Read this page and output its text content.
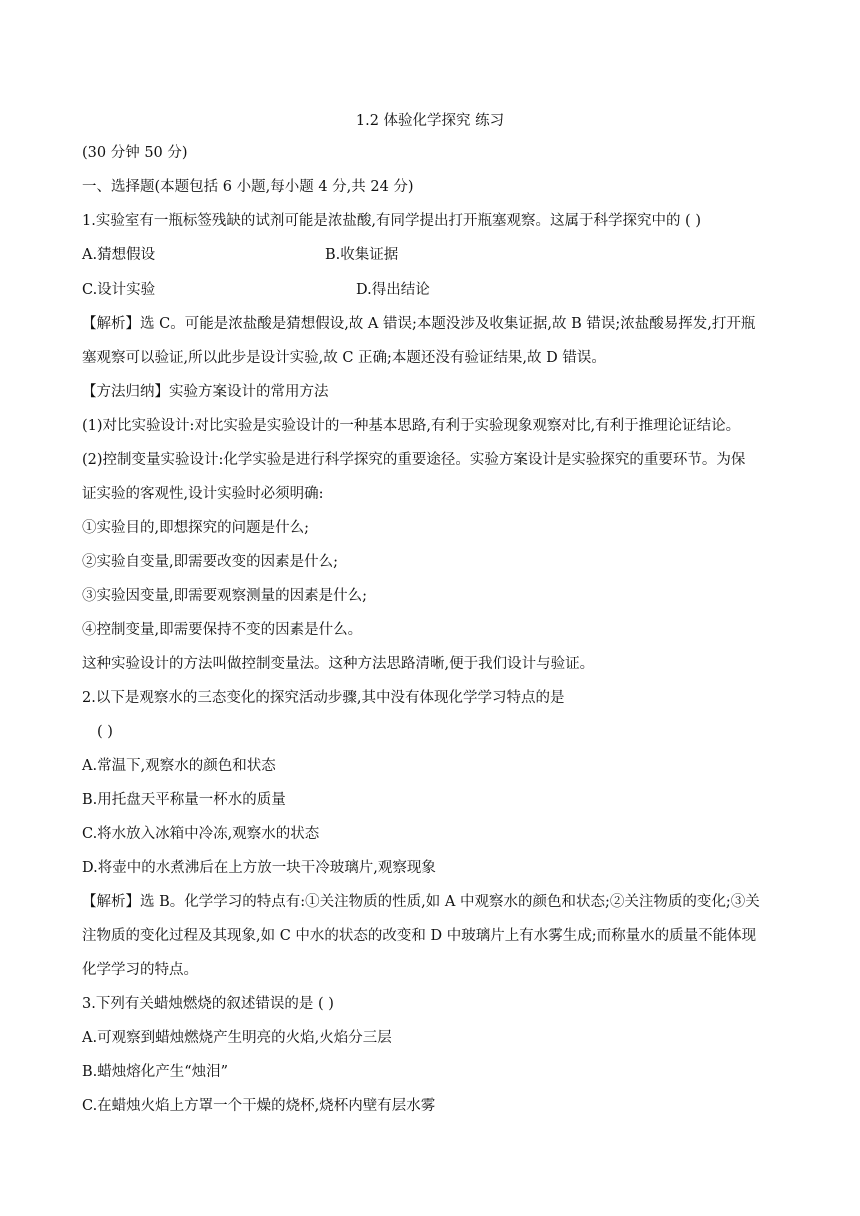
1.2 体验化学探究 练习
(30 分钟 50 分)
一、选择题(本题包括 6 小题,每小题 4 分,共 24 分)
1.实验室有一瓶标签残缺的试剂可能是浓盐酸,有同学提出打开瓶塞观察。这属于科学探究中的 ( )
A.猜想假设	B.收集证据
C.设计实验	D.得出结论
【解析】选 C。可能是浓盐酸是猜想假设,故 A 错误;本题没涉及收集证据,故 B 错误;浓盐酸易挥发,打开瓶
塞观察可以验证,所以此步是设计实验,故 C 正确;本题还没有验证结果,故 D 错误。
【方法归纳】实验方案设计的常用方法
(1)对比实验设计:对比实验是实验设计的一种基本思路,有利于实验现象观察对比,有利于推理论证结论。
(2)控制变量实验设计:化学实验是进行科学探究的重要途径。实验方案设计是实验探究的重要环节。为保
证实验的客观性,设计实验时必须明确:
①实验目的,即想探究的问题是什么;
②实验自变量,即需要改变的因素是什么;
③实验因变量,即需要观察测量的因素是什么;
④控制变量,即需要保持不变的因素是什么。
这种实验设计的方法叫做控制变量法。这种方法思路清晰,便于我们设计与验证。
2.以下是观察水的三态变化的探究活动步骤,其中没有体现化学学习特点的是
( )
A.常温下,观察水的颜色和状态
B.用托盘天平称量一杯水的质量
C.将水放入冰箱中冷冻,观察水的状态
D.将壶中的水煮沸后在上方放一块干冷玻璃片,观察现象
【解析】选 B。化学学习的特点有:①关注物质的性质,如 A 中观察水的颜色和状态;②关注物质的变化;③关
注物质的变化过程及其现象,如 C 中水的状态的改变和 D 中玻璃片上有水雾生成;而称量水的质量不能体现
化学学习的特点。
3.下列有关蜡烛燃烧的叙述错误的是 ( )
A.可观察到蜡烛燃烧产生明亮的火焰,火焰分三层
B.蜡烛熔化产生“烛泪”
C.在蜡烛火焰上方罩一个干燥的烧杯,烧杯内壁有层水雾
